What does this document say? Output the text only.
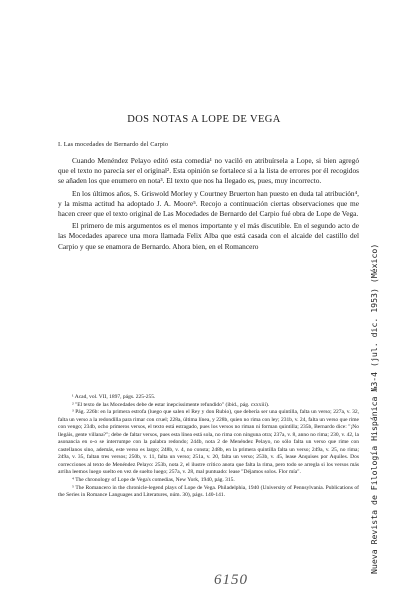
DOS NOTAS A LOPE DE VEGA
I. Las mocedades de Bernardo del Carpio

Cuando Menéndez Pelayo editó esta comedia¹ no vaciló en atribuírsela a Lope, si bien agregó que el texto no parecía ser el original². Esta opinión se fortalece si a la lista de errores por él recogidos se añaden los que enumero en nota³. El texto que nos ha llegado es, pues, muy incorrecto.

En los últimos años, S. Griswold Morley y Courtney Bruerton han puesto en duda tal atribución⁴, y la misma actitud ha adoptado J. A. Moore⁵. Recojo a continuación ciertas observaciones que me hacen creer que el texto original de Las Mocedades de Bernardo del Carpio fué obra de Lope de Vega.

El primero de mis argumentos es el menos importante y el más discutible. En el segundo acto de las Mocedades aparece una mora llamada Felix Alba que está casada con el alcaide del castillo del Carpio y que se enamora de Bernardo. Ahora bien, en el Romancero

¹ Acad, vol. VII, 1897, págs. 225-255.

² "El texto de las Mocedades debe de estar inepcissimente refundido" (ibid., pág. cxxxiii).

³ Pág. 226b: en la primera estrofa (luego que salen el Rey y don Rubio), que debería ser una quintilla, falta un verso; 227a, v. 32, falta un verso a la redondilla para rimar con cruel; 228a, última línea, y 228b, quien no rima con ley; 231b, v. 24, falta un verso que rime con vengo; 234b, ocho primeros versos, el texto está estragado, pues los versos no riman ni forman quintilla; 235b, Bernardo dice: "¡No llegáis, gente villana?"; debe de faltar versos, pues esta línea está sola, no rima con ninguna otra; 237a, v. 8, anno no rima; 230, v. 42, la asonancia en o-o se interrumpe con la palabra redondo; 244b, nota 2 de Menéndez Pelayo, no sólo falta un verso que rime con castellanos sino, además, este verso es largo; 248b, v. 4, no consta; 248b, en la primera quintilla falta un verso; 249a, v. 25, no rima; 249a, v. 35, faltan tres versos; 250b, v. 11, falta un verso; 251a, v. 20, falta un verso; 253b, v. 45, lease Anquises por Aquiles. Dos correcciones al texto de Menéndez Pelayo: 253b, nota 2, el ilustre crítico anota que falta la rima, pero todo se arregla si los versos más arriba leemos luego suelto en vez de suelto luego; 257a, v. 28, mal puntuado: lease "Déjamos solos. Flor mía".

⁴ The chronology of Lope de Vega's comedias, New York, 1940, pág. 315.

⁵ The Romancero in the chronicle-legend plays of Lope de Vega. Philadelphia, 1940 (University of Pennsylvania. Publications of the Series in Romance Languages and Literatures, núm. 30), págs. 140-141.	Nueva Revista de Filología Hispánica №3-4 (jul. dic. 1953) (México)
6150
